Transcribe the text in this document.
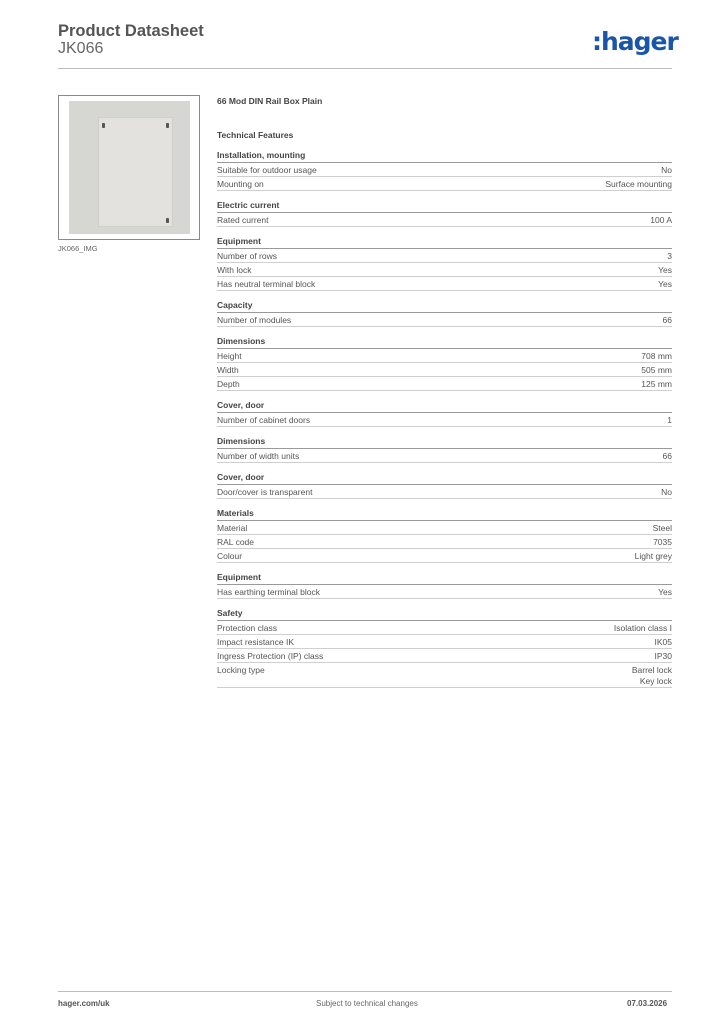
Product Datasheet
JK066	:hager
JK066_IMG
66 Mod DIN Rail Box Plain
Technical Features
Installation, mounting
Suitable for outdoor usage	No
Mounting on	Surface mounting
Electric current
Rated current	100 A
Equipment
Number of rows	3
With lock	Yes
Has neutral terminal block	Yes
Capacity
Number of modules	66
Dimensions
Height	708 mm
Width	505 mm
Depth	125 mm
Cover, door
Number of cabinet doors	1
Dimensions
Number of width units	66
Cover, door
Door/cover is transparent	No
Materials
Material	Steel
RAL code	7035
Colour	Light grey
Equipment
Has earthing terminal block	Yes
Safety
Protection class	Isolation class I
Impact resistance IK	IK05
Ingress Protection (IP) class	IP30
Locking type	Barrel lock
Key lock
hager.com/uk	Subject to technical changes	07.03.2026
